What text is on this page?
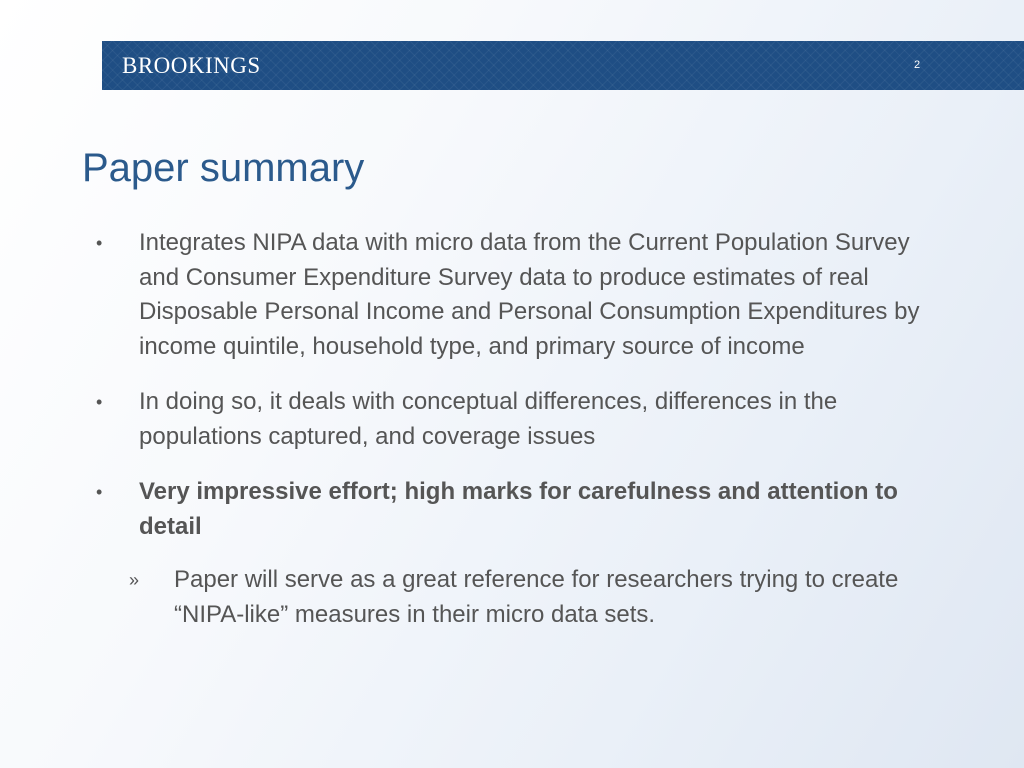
BROOKINGS	2
Paper summary
• Integrates NIPA data with micro data from the Current Population Survey and Consumer Expenditure Survey data to produce estimates of real Disposable Personal Income and Personal Consumption Expenditures by income quintile, household type, and primary source of income
• In doing so, it deals with conceptual differences, differences in the populations captured, and coverage issues
• Very impressive effort; high marks for carefulness and attention to detail
» Paper will serve as a great reference for researchers trying to create “NIPA-like” measures in their micro data sets.
